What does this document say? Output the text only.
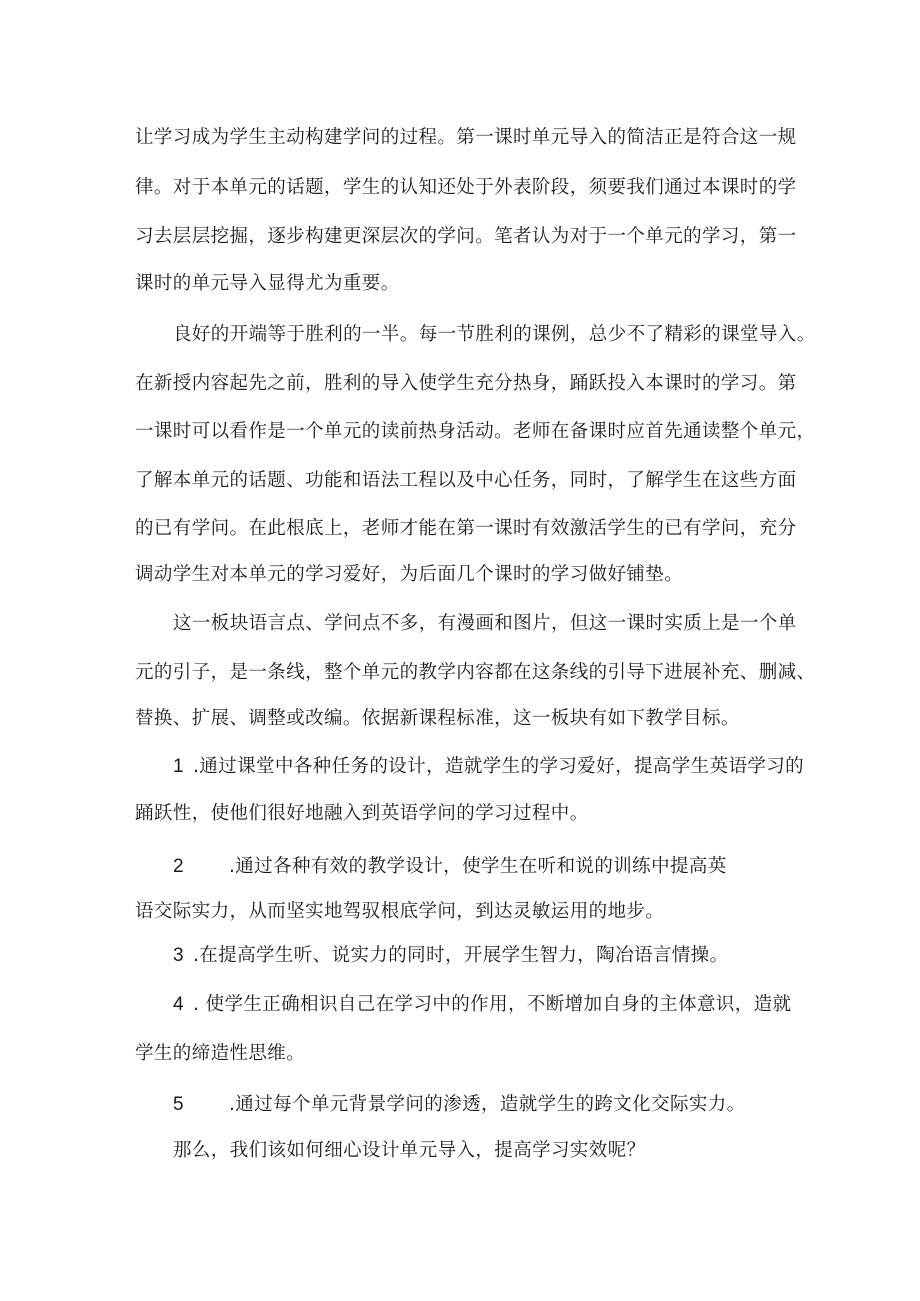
让学习成为学生主动构建学问的过程。第一课时单元导入的简洁正是符合这一规
律。对于本单元的话题，学生的认知还处于外表阶段，须要我们通过本课时的学
习去层层挖掘，逐步构建更深层次的学问。笔者认为对于一个单元的学习，第一
课时的单元导入显得尤为重要。
良好的开端等于胜利的一半。每一节胜利的课例，总少不了精彩的课堂导入。
在新授内容起先之前，胜利的导入使学生充分热身，踊跃投入本课时的学习。第
一课时可以看作是一个单元的读前热身活动。老师在备课时应首先通读整个单元，
了解本单元的话题、功能和语法工程以及中心任务，同时，了解学生在这些方面
的已有学问。在此根底上，老师才能在第一课时有效激活学生的已有学问，充分
调动学生对本单元的学习爱好，为后面几个课时的学习做好铺垫。
这一板块语言点、学问点不多，有漫画和图片，但这一课时实质上是一个单
元的引子，是一条线，整个单元的教学内容都在这条线的引导下进展补充、删减、
替换、扩展、调整或改编。依据新课程标准，这一板块有如下教学目标。
1 .通过课堂中各种任务的设计，造就学生的学习爱好，提高学生英语学习的
踊跃性，使他们很好地融入到英语学问的学习过程中。
2 .通过各种有效的教学设计，使学生在听和说的训练中提高英
语交际实力，从而坚实地驾驭根底学问，到达灵敏运用的地步。
3 .在提高学生听、说实力的同时，开展学生智力，陶冶语言情操。
4 . 使学生正确相识自己在学习中的作用，不断增加自身的主体意识，造就
学生的缔造性思维。
5 .通过每个单元背景学问的渗透，造就学生的跨文化交际实力。
那么，我们该如何细心设计单元导入，提高学习实效呢？
